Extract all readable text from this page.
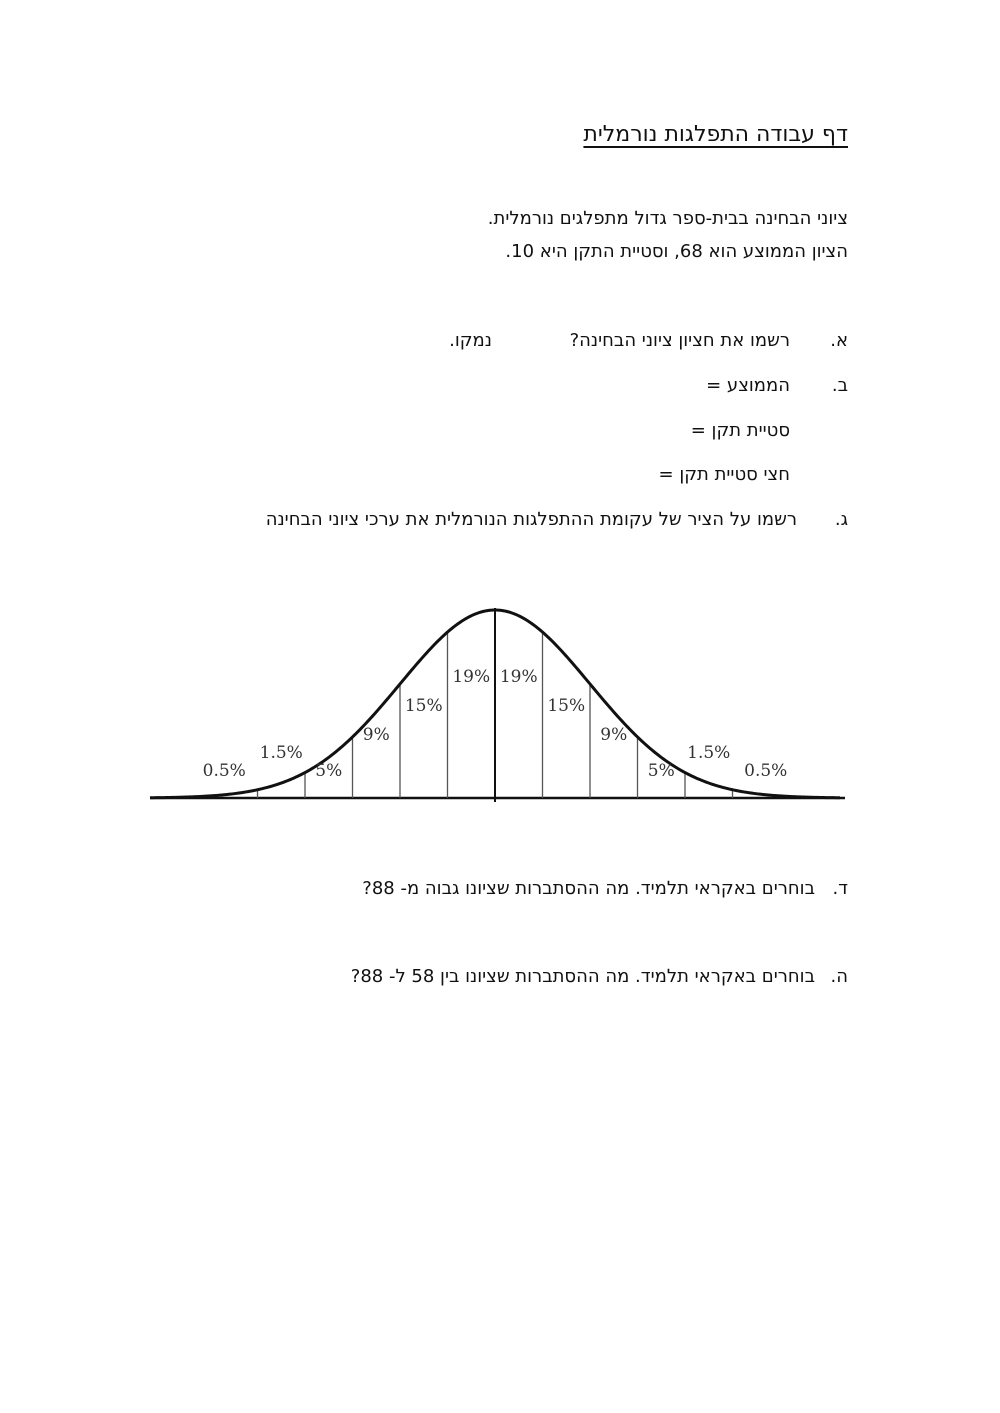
דף עבודה התפלגות נורמלית
ציוני הבחינה בבית-ספר גדול מתפלגים נורמלית.
הציון הממוצע הוא 68, וסטיית התקן היא 10.
א.
רשמו את חציון ציוני הבחינה?
נמקו.
ב.
הממוצע =
סטיית תקן =
חצי סטיית תקן =
ג.
רשמו על הציר של עקומת ההתפלגות הנורמלית את ערכי ציוני הבחינה
0.5%
1.5%
5%
9%
15%
19% 19%
15%
9%
5%
1.5%
0.5%
ד.
בוחרים באקראי תלמיד. מה ההסתברות שציונו גבוה מ- 88?
ה.
בוחרים באקראי תלמיד. מה ההסתברות שציונו בין 58 ל- 88?
